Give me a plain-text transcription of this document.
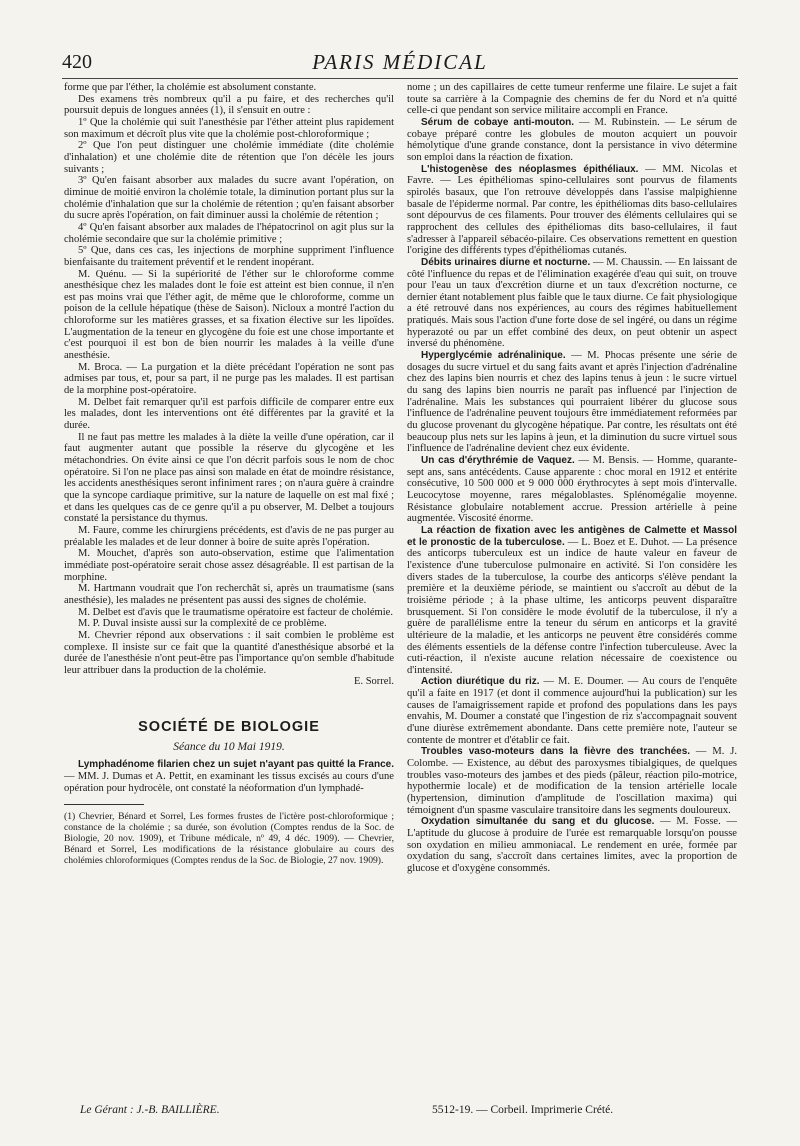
420	PARIS MÉDICAL

forme que par l'éther, la cholémie est absolument constante.

Des examens très nombreux qu'il a pu faire, et des recherches qu'il poursuit depuis de longues années (1), il s'ensuit en outre :

1º Que la cholémie qui suit l'anesthésie par l'éther atteint plus rapidement son maximum et décroît plus vite que la cholémie post-chloroformique ;

2º Que l'on peut distinguer une cholémie immédiate (dite cholémie d'inhalation) et une cholémie dite de rétention que l'on décèle les jours suivants ;

3º Qu'en faisant absorber aux malades du sucre avant l'opération, on diminue de moitié environ la cholémie totale, la diminution portant plus sur la cholémie d'inhalation que sur la cholémie de rétention ; qu'en faisant absorber du sucre après l'opération, on fait diminuer aussi la cholémie de rétention ;

4º Qu'en faisant absorber aux malades de l'hépatocrinol on agit plus sur la cholémie secondaire que sur la cholémie primitive ;

5º Que, dans ces cas, les injections de morphine suppriment l'influence bienfaisante du traitement préventif et le rendent inopérant.

M. Quénu. — Si la supériorité de l'éther sur le chloroforme comme anesthésique chez les malades dont le foie est atteint est bien connue, il n'en est pas moins vrai que l'éther agit, de même que le chloroforme, comme un poison de la cellule hépatique (thèse de Saison). Nicloux a montré l'action du chloroforme sur les matières grasses, et sa fixation élective sur les lipoïdes. L'augmentation de la teneur en glycogène du foie est une chose importante et c'est pourquoi il est bon de bien nourrir les malades à la veille d'une anesthésie.

M. Broca. — La purgation et la diète précédant l'opération ne sont pas admises par tous, et, pour sa part, il ne purge pas les malades. Il est partisan de la morphine post-opératoire.

M. Delbet fait remarquer qu'il est parfois difficile de comparer entre eux les malades, dont les interventions ont été différentes par la gravité et la durée.

Il ne faut pas mettre les malades à la diète la veille d'une opération, car il faut augmenter autant que possible la réserve du glycogène et les métachondries. On évite ainsi ce que l'on décrit parfois sous le nom de choc opératoire. Si l'on ne place pas ainsi son malade en état de moindre résistance, les accidents anesthésiques seront infiniment rares ; on n'aura guère à craindre que la syncope cardiaque primitive, sur la nature de laquelle on est mal fixé ; et dans les quelques cas de ce genre qu'il a pu observer, M. Delbet a toujours constaté la persistance du thymus.

M. Faure, comme les chirurgiens précédents, est d'avis de ne pas purger au préalable les malades et de leur donner à boire de suite après l'opération.

M. Mouchet, d'après son auto-observation, estime que l'alimentation immédiate post-opératoire serait chose assez désagréable. Il est partisan de la morphine.

M. Hartmann voudrait que l'on recherchât si, après un traumatisme (sans anesthésie), les malades ne présentent pas aussi des signes de cholémie.

M. Delbet est d'avis que le traumatisme opératoire est facteur de cholémie.

M. P. Duval insiste aussi sur la complexité de ce problème.

M. Chevrier répond aux observations : il sait combien le problème est complexe. Il insiste sur ce fait que la quantité d'anesthésique absorbé et la durée de l'anesthésie n'ont peut-être pas l'importance qu'on semble d'habitude leur attribuer dans la production de la cholémie.

E. Sorrel.

SOCIÉTÉ DE BIOLOGIE
Séance du 10 Mai 1919.

Lymphadénome filarien chez un sujet n'ayant pas quitté la France. — MM. J. Dumas et A. Pettit, en examinant les tissus excisés au cours d'une opération pour hydrocèle, ont constaté la néoformation d'un lymphadé-

(1) Chevrier, Bénard et Sorrel, Les formes frustes de l'ictère post-chloroformique ; constance de la cholémie ; sa durée, son évolution (Comptes rendus de la Soc. de Biologie, 20 nov. 1909), et Tribune médicale, nº 49, 4 déc. 1909). — Chevrier, Bénard et Sorrel, Les modifications de la résistance globulaire au cours des cholémies chloroformiques (Comptes rendus de la Soc. de Biologie, 27 nov. 1909).

nome ; un des capillaires de cette tumeur renferme une filaire. Le sujet a fait toute sa carrière à la Compagnie des chemins de fer du Nord et n'a quitté celle-ci que pendant son service militaire accompli en France.

Sérum de cobaye anti-mouton. — M. Rubinstein. — Le sérum de cobaye préparé contre les globules de mouton acquiert un pouvoir hémolytique d'une grande constance, dont la persistance in vivo détermine son emploi dans la réaction de fixation.

L'histogenèse des néoplasmes épithéliaux. — MM. Nicolas et Favre. — Les épithéliomas spino-cellulaires sont pourvus de filaments spirolés basaux, que l'on retrouve développés dans l'assise malpighienne basale de l'épiderme normal. Par contre, les épithéliomas dits baso-cellulaires sont dépourvus de ces filaments. Pour trouver des éléments cellulaires qui se rapprochent des cellules des épithéliomas dits baso-cellulaires, il faut s'adresser à l'appareil sébacéo-pilaire. Ces observations remettent en question l'origine des différents types d'épithéliomas cutanés.

Débits urinaires diurne et nocturne. — M. Chaussin. — En laissant de côté l'influence du repas et de l'élimination exagérée d'eau qui suit, on trouve pour l'eau un taux d'excrétion diurne et un taux d'excrétion nocturne, ce dernier étant notablement plus faible que le taux diurne. Ce fait physiologique a été retrouvé dans nos expériences, au cours des régimes habituellement pratiqués. Mais sous l'action d'une forte dose de sel ingéré, ou dans un régime hyperazoté ou par un effet combiné des deux, on peut obtenir un aspect inversé du phénomène.

Hyperglycémie adrénalinique. — M. Phocas présente une série de dosages du sucre virtuel et du sang faits avant et après l'injection d'adrénaline chez des lapins bien nourris et chez des lapins tenus à jeun : le sucre virtuel du sang des lapins bien nourris ne paraît pas influencé par l'injection de l'adrénaline. Mais les substances qui pourraient libérer du glucose sous l'influence de l'adrénaline peuvent toujours être immédiatement reformées par du glucose provenant du glycogène hépatique. Par contre, les résultats ont été beaucoup plus nets sur les lapins à jeun, et la diminution du sucre virtuel sous l'influence de l'adrénaline devient chez eux évidente.

Un cas d'érythrémie de Vaquez. — M. Bensis. — Homme, quarante-sept ans, sans antécédents. Cause apparente : choc moral en 1912 et entérite consécutive, 10 500 000 et 9 000 000 érythrocytes à sept mois d'intervalle. Leucocytose moyenne, rares mégaloblastes. Splénomégalie moyenne. Résistance globulaire notablement accrue. Pression artérielle à peine augmentée. Viscosité énorme.

La réaction de fixation avec les antigènes de Calmette et Massol et le pronostic de la tuberculose. — L. Boez et E. Duhot. — La présence des anticorps tuberculeux est un indice de haute valeur en faveur de l'existence d'une tuberculose pulmonaire en activité. Si l'on considère les divers stades de la tuberculose, la courbe des anticorps s'élève pendant la première et la deuxième période, se maintient ou s'accroît au début de la troisième période ; à la phase ultime, les anticorps peuvent disparaître brusquement. Si l'on considère le mode évolutif de la tuberculose, il n'y a guère de parallélisme entre la teneur du sérum en anticorps et la gravité ultérieure de la maladie, et les anticorps ne peuvent être considérés comme des éléments essentiels de la défense contre l'infection tuberculeuse. Avec la cuti-réaction, il n'existe aucune relation nécessaire de coexistence ou d'intensité.

Action diurétique du riz. — M. E. Doumer. — Au cours de l'enquête qu'il a faite en 1917 (et dont il commence aujourd'hui la publication) sur les causes de l'amaigrissement rapide et profond des populations dans les pays envahis, M. Doumer a constaté que l'ingestion de riz s'accompagnait souvent d'une diurèse extrêmement abondante. Dans cette première note, l'auteur se contente de montrer et d'établir ce fait.

Troubles vaso-moteurs dans la fièvre des tranchées. — M. J. Colombe. — Existence, au début des paroxysmes tibialgiques, de quelques troubles vaso-moteurs des jambes et des pieds (pâleur, réaction pilo-motrice, hypothermie locale) et de modification de la tension artérielle locale (hypertension, diminution d'amplitude de l'oscillation maxima) qui témoignent d'un spasme vasculaire transitoire dans les segments douloureux.

Oxydation simultanée du sang et du glucose. — M. Fosse. — L'aptitude du glucose à produire de l'urée est remarquable lorsqu'on pousse son oxydation en milieu ammoniacal. Le rendement en urée, formée par oxydation du sang, s'accroît dans certaines limites, avec la proportion de glucose et d'oxygène consommés.

Le Gérant : J.-B. BAILLIÈRE.	5512-19. — Corbeil. Imprimerie Crété.
